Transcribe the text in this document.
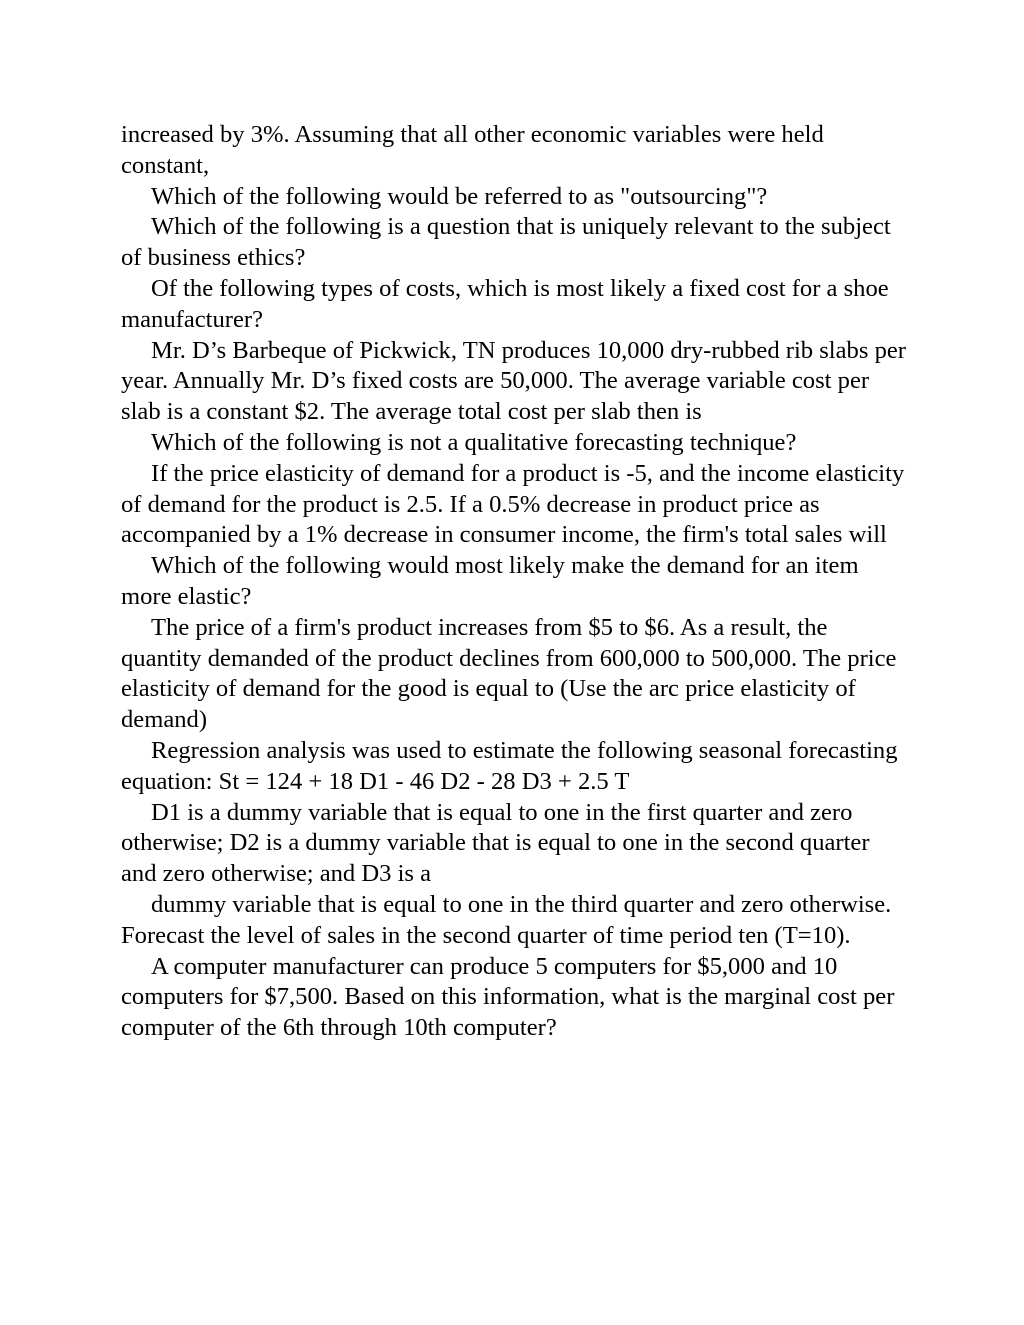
increased by 3%. Assuming that all other economic variables were held constant,

Which of the following would be referred to as "outsourcing"?

Which of the following is a question that is uniquely relevant to the subject of business ethics?

Of the following types of costs, which is most likely a fixed cost for a shoe manufacturer?

Mr. D’s Barbeque of Pickwick, TN produces 10,000 dry-rubbed rib slabs per year. Annually Mr. D’s fixed costs are 50,000. The average variable cost per slab is a constant $2. The average total cost per slab then is

Which of the following is not a qualitative forecasting technique?

If the price elasticity of demand for a product is -5, and the income elasticity of demand for the product is 2.5. If a 0.5% decrease in product price as accompanied by a 1% decrease in consumer income, the firm's total sales will

Which of the following would most likely make the demand for an item more elastic?

The price of a firm's product increases from $5 to $6. As a result, the quantity demanded of the product declines from 600,000 to 500,000. The price elasticity of demand for the good is equal to (Use the arc price elasticity of demand)

Regression analysis was used to estimate the following seasonal forecasting equation: St = 124 + 18 D1 - 46 D2 - 28 D3 + 2.5 T

D1 is a dummy variable that is equal to one in the first quarter and zero otherwise; D2 is a dummy variable that is equal to one in the second quarter and zero otherwise; and D3 is a

dummy variable that is equal to one in the third quarter and zero otherwise. Forecast the level of sales in the second quarter of time period ten (T=10).

A computer manufacturer can produce 5 computers for $5,000 and 10 computers for $7,500. Based on this information, what is the marginal cost per computer of the 6th through 10th computer?
